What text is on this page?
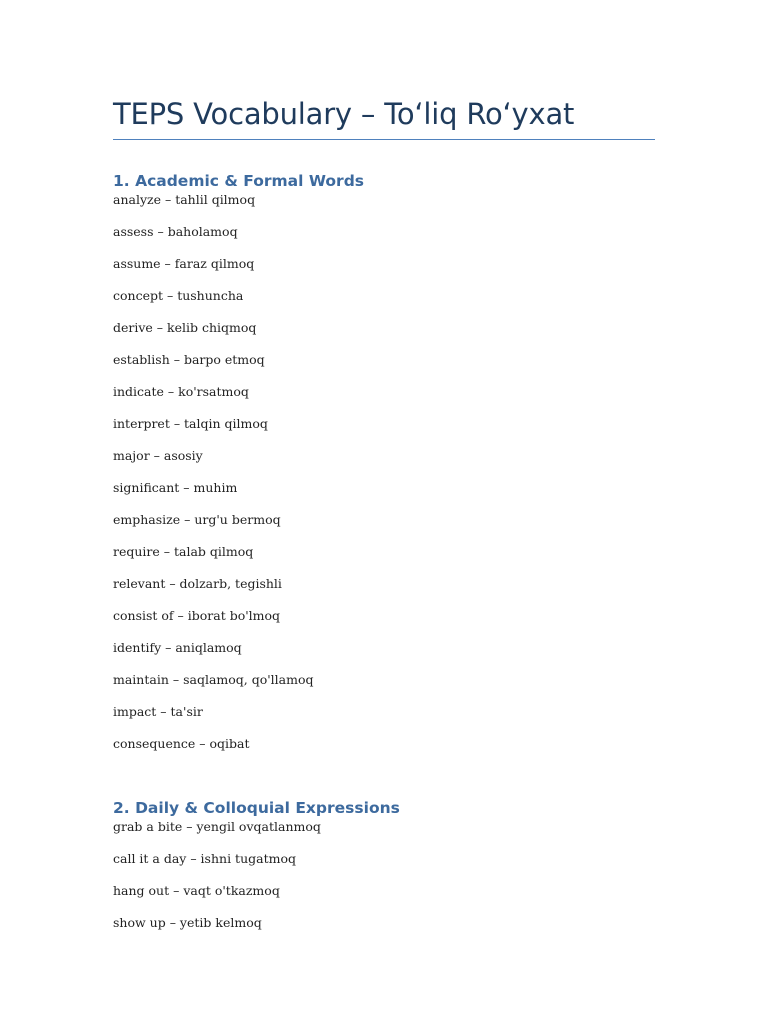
TEPS Vocabulary – To‘liq Ro‘yxat
1. Academic & Formal Words
analyze – tahlil qilmoq
assess – baholamoq
assume – faraz qilmoq
concept – tushuncha
derive – kelib chiqmoq
establish – barpo etmoq
indicate – ko'rsatmoq
interpret – talqin qilmoq
major – asosiy
significant – muhim
emphasize – urg'u bermoq
require – talab qilmoq
relevant – dolzarb, tegishli
consist of – iborat bo'lmoq
identify – aniqlamoq
maintain – saqlamoq, qo'llamoq
impact – ta'sir
consequence – oqibat
2. Daily & Colloquial Expressions
grab a bite – yengil ovqatlanmoq
call it a day – ishni tugatmoq
hang out – vaqt o'tkazmoq
show up – yetib kelmoq
